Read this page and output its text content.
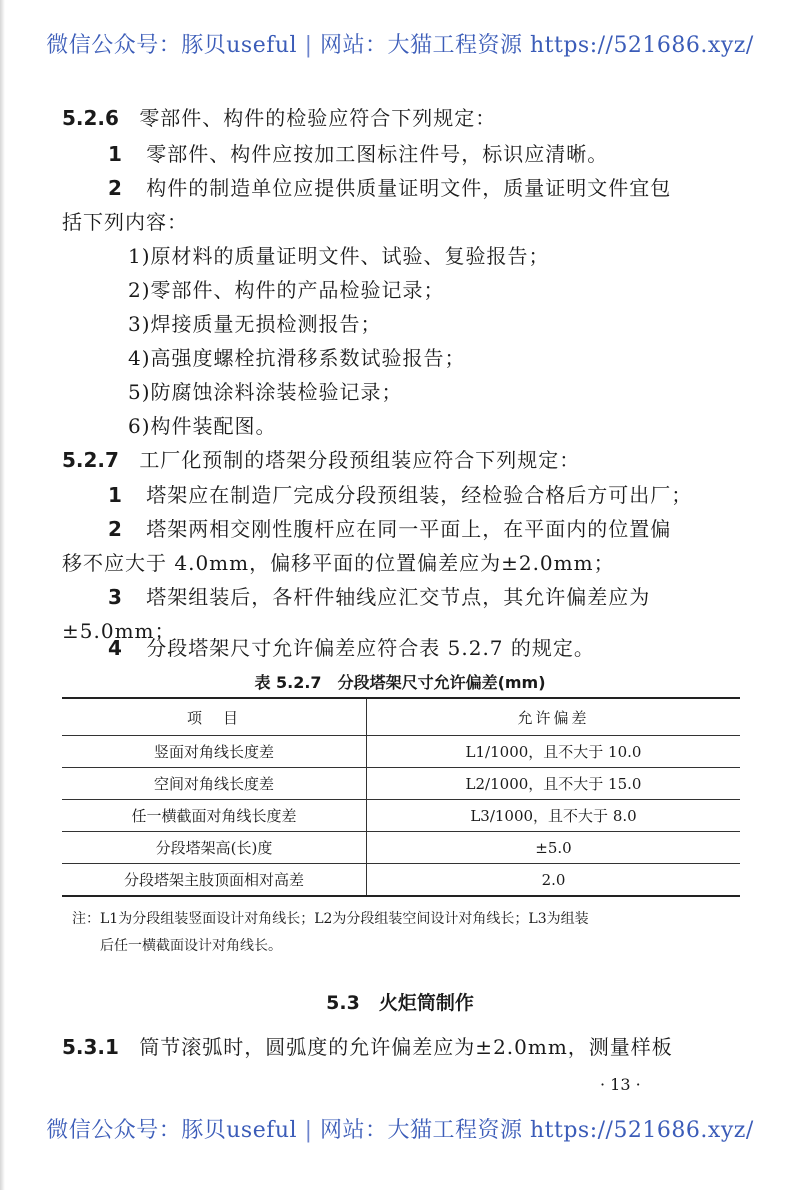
微信公众号：豚贝useful | 网站：大猫工程资源 https://521686.xyz/
5.2.6 零部件、构件的检验应符合下列规定：
1 零部件、构件应按加工图标注件号，标识应清晰。
2 构件的制造单位应提供质量证明文件，质量证明文件宜包
括下列内容：
1)原材料的质量证明文件、试验、复验报告；
2)零部件、构件的产品检验记录；
3)焊接质量无损检测报告；
4)高强度螺栓抗滑移系数试验报告；
5)防腐蚀涂料涂装检验记录；
6)构件装配图。
5.2.7 工厂化预制的塔架分段预组装应符合下列规定：
1 塔架应在制造厂完成分段预组装，经检验合格后方可出厂；
2 塔架两相交刚性腹杆应在同一平面上，在平面内的位置偏
移不应大于 4.0mm，偏移平面的位置偏差应为±2.0mm；
3 塔架组装后，各杆件轴线应汇交节点，其允许偏差应为
±5.0mm；
4 分段塔架尺寸允许偏差应符合表 5.2.7 的规定。
表 5.2.7　分段塔架尺寸允许偏差(mm)
项　目	允许偏差
竖面对角线长度差	L1/1000，且不大于 10.0
空间对角线长度差	L2/1000，且不大于 15.0
任一横截面对角线长度差	L3/1000，且不大于 8.0
分段塔架高(长)度	±5.0
分段塔架主肢顶面相对高差	2.0
注：L1为分段组装竖面设计对角线长；L2为分段组装空间设计对角线长；L3为组装
后任一横截面设计对角线长。
5.3　火炬筒制作
5.3.1 筒节滚弧时，圆弧度的允许偏差应为±2.0mm，测量样板
· 13 ·
微信公众号：豚贝useful | 网站：大猫工程资源 https://521686.xyz/
